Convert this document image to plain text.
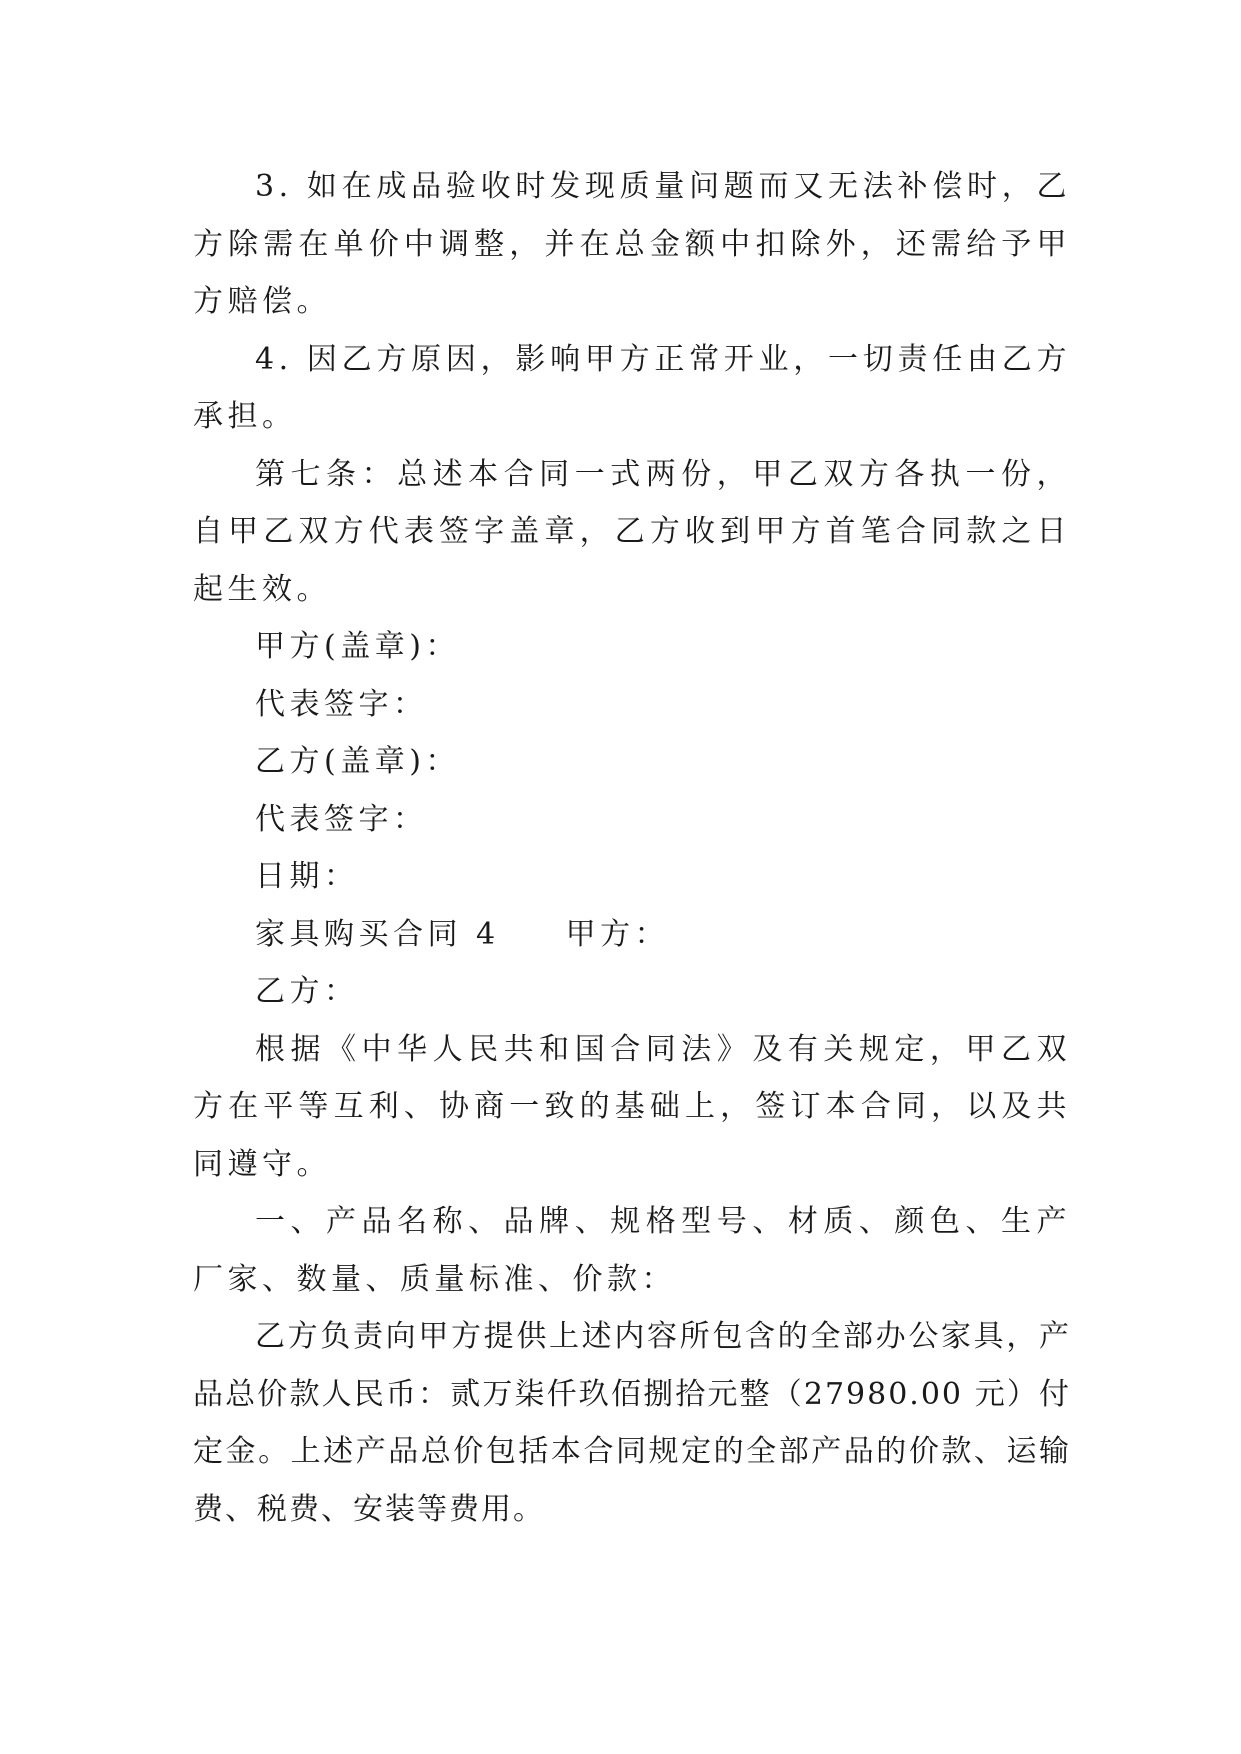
3. 如在成品验收时发现质量问题而又无法补偿时，乙方除需在单价中调整，并在总金额中扣除外，还需给予甲方赔偿。

4. 因乙方原因，影响甲方正常开业，一切责任由乙方承担。

第七条：总述本合同一式两份，甲乙双方各执一份，自甲乙双方代表签字盖章，乙方收到甲方首笔合同款之日起生效。

甲方(盖章)：

代表签字：

乙方(盖章)：

代表签字：

日期：

家具购买合同 4 甲方：

乙方：

根据《中华人民共和国合同法》及有关规定，甲乙双方在平等互利、协商一致的基础上，签订本合同，以及共同遵守。

一、产品名称、品牌、规格型号、材质、颜色、生产厂家、数量、质量标准、价款：

乙方负责向甲方提供上述内容所包含的全部办公家具，产品总价款人民币：贰万柒仟玖佰捌拾元整（27980.00 元）付定金。上述产品总价包括本合同规定的全部产品的价款、运输费、税费、安装等费用。
